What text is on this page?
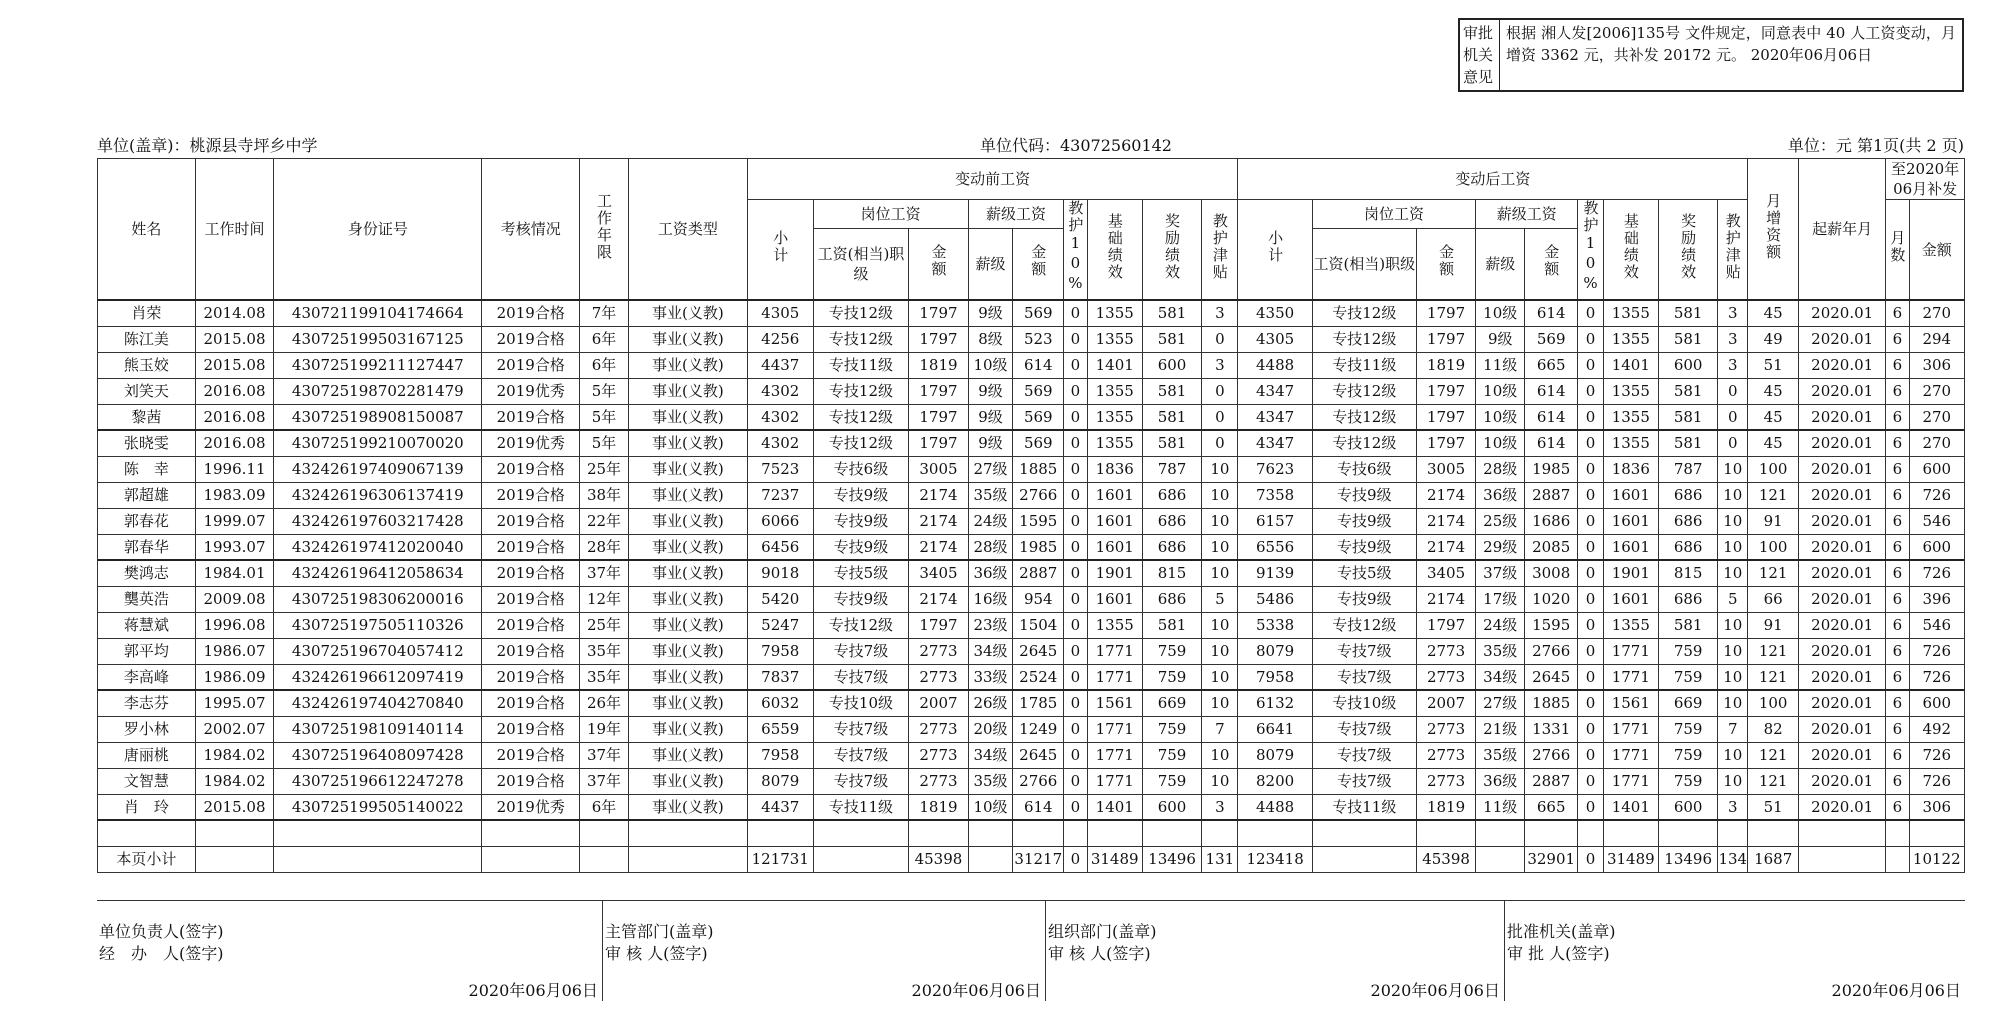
审批机关意见
根据 湘人发[2006]135号 文件规定，同意表中 40 人工资变动，月增资 3362 元，共补发 20172 元。 2020年06月06日
单位(盖章)：桃源县寺坪乡中学	单位代码：43072560142	单位：元 第1页(共 2 页)
姓名	工作时间	身份证号	考核情况	工作年限	工资类型	变动前工资									变动后工资									月增资额	起薪年月	至2020年06月补发	
						小计	岗位工资		薪级工资		教护10%	基础绩效	奖励绩效	教护津贴	小计	岗位工资		薪级工资		教护10%	基础绩效	奖励绩效	教护津贴			月数	金额
							工资(相当)职级	金额	薪级	金额						工资(相当)职级	金额	薪级	金额								
肖荣	2014.08	430721199104174664	2019合格	7年	事业(义教)	4305	专技12级	1797	9级	569	0	1355	581	3	4350	专技12级	1797	10级	614	0	1355	581	3	45	2020.01	6	270
陈江美	2015.08	430725199503167125	2019合格	6年	事业(义教)	4256	专技12级	1797	8级	523	0	1355	581	0	4305	专技12级	1797	9级	569	0	1355	581	3	49	2020.01	6	294
熊玉姣	2015.08	430725199211127447	2019合格	6年	事业(义教)	4437	专技11级	1819	10级	614	0	1401	600	3	4488	专技11级	1819	11级	665	0	1401	600	3	51	2020.01	6	306
刘笑天	2016.08	430725198702281479	2019优秀	5年	事业(义教)	4302	专技12级	1797	9级	569	0	1355	581	0	4347	专技12级	1797	10级	614	0	1355	581	0	45	2020.01	6	270
黎茜	2016.08	430725198908150087	2019合格	5年	事业(义教)	4302	专技12级	1797	9级	569	0	1355	581	0	4347	专技12级	1797	10级	614	0	1355	581	0	45	2020.01	6	270
张晓雯	2016.08	430725199210070020	2019优秀	5年	事业(义教)	4302	专技12级	1797	9级	569	0	1355	581	0	4347	专技12级	1797	10级	614	0	1355	581	0	45	2020.01	6	270
陈　幸	1996.11	432426197409067139	2019合格	25年	事业(义教)	7523	专技6级	3005	27级	1885	0	1836	787	10	7623	专技6级	3005	28级	1985	0	1836	787	10	100	2020.01	6	600
郭超雄	1983.09	432426196306137419	2019合格	38年	事业(义教)	7237	专技9级	2174	35级	2766	0	1601	686	10	7358	专技9级	2174	36级	2887	0	1601	686	10	121	2020.01	6	726
郭春花	1999.07	432426197603217428	2019合格	22年	事业(义教)	6066	专技9级	2174	24级	1595	0	1601	686	10	6157	专技9级	2174	25级	1686	0	1601	686	10	91	2020.01	6	546
郭春华	1993.07	432426197412020040	2019合格	28年	事业(义教)	6456	专技9级	2174	28级	1985	0	1601	686	10	6556	专技9级	2174	29级	2085	0	1601	686	10	100	2020.01	6	600
樊鸿志	1984.01	432426196412058634	2019合格	37年	事业(义教)	9018	专技5级	3405	36级	2887	0	1901	815	10	9139	专技5级	3405	37级	3008	0	1901	815	10	121	2020.01	6	726
龑英浩	2009.08	430725198306200016	2019合格	12年	事业(义教)	5420	专技9级	2174	16级	954	0	1601	686	5	5486	专技9级	2174	17级	1020	0	1601	686	5	66	2020.01	6	396
蒋慧斌	1996.08	430725197505110326	2019合格	25年	事业(义教)	5247	专技12级	1797	23级	1504	0	1355	581	10	5338	专技12级	1797	24级	1595	0	1355	581	10	91	2020.01	6	546
郭平均	1986.07	430725196704057412	2019合格	35年	事业(义教)	7958	专技7级	2773	34级	2645	0	1771	759	10	8079	专技7级	2773	35级	2766	0	1771	759	10	121	2020.01	6	726
李高峰	1986.09	432426196612097419	2019合格	35年	事业(义教)	7837	专技7级	2773	33级	2524	0	1771	759	10	7958	专技7级	2773	34级	2645	0	1771	759	10	121	2020.01	6	726
李志芬	1995.07	432426197404270840	2019合格	26年	事业(义教)	6032	专技10级	2007	26级	1785	0	1561	669	10	6132	专技10级	2007	27级	1885	0	1561	669	10	100	2020.01	6	600
罗小林	2002.07	430725198109140114	2019合格	19年	事业(义教)	6559	专技7级	2773	20级	1249	0	1771	759	7	6641	专技7级	2773	21级	1331	0	1771	759	7	82	2020.01	6	492
唐丽桃	1984.02	430725196408097428	2019合格	37年	事业(义教)	7958	专技7级	2773	34级	2645	0	1771	759	10	8079	专技7级	2773	35级	2766	0	1771	759	10	121	2020.01	6	726
文智慧	1984.02	430725196612247278	2019合格	37年	事业(义教)	8079	专技7级	2773	35级	2766	0	1771	759	10	8200	专技7级	2773	36级	2887	0	1771	759	10	121	2020.01	6	726
肖　玲	2015.08	430725199505140022	2019优秀	6年	事业(义教)	4437	专技11级	1819	10级	614	0	1401	600	3	4488	专技11级	1819	11级	665	0	1401	600	3	51	2020.01	6	306

本页小计						121731		45398		31217	0	31489	13496	131	123418		45398		32901	0	31489	13496	134	1687			10122
单位负责人(签字)
经　办　人(签字)
2020年06月06日
主管部门(盖章)
审 核 人(签字)
2020年06月06日
组织部门(盖章)
审 核 人(签字)
2020年06月06日
批准机关(盖章)
审 批 人(签字)
2020年06月06日
